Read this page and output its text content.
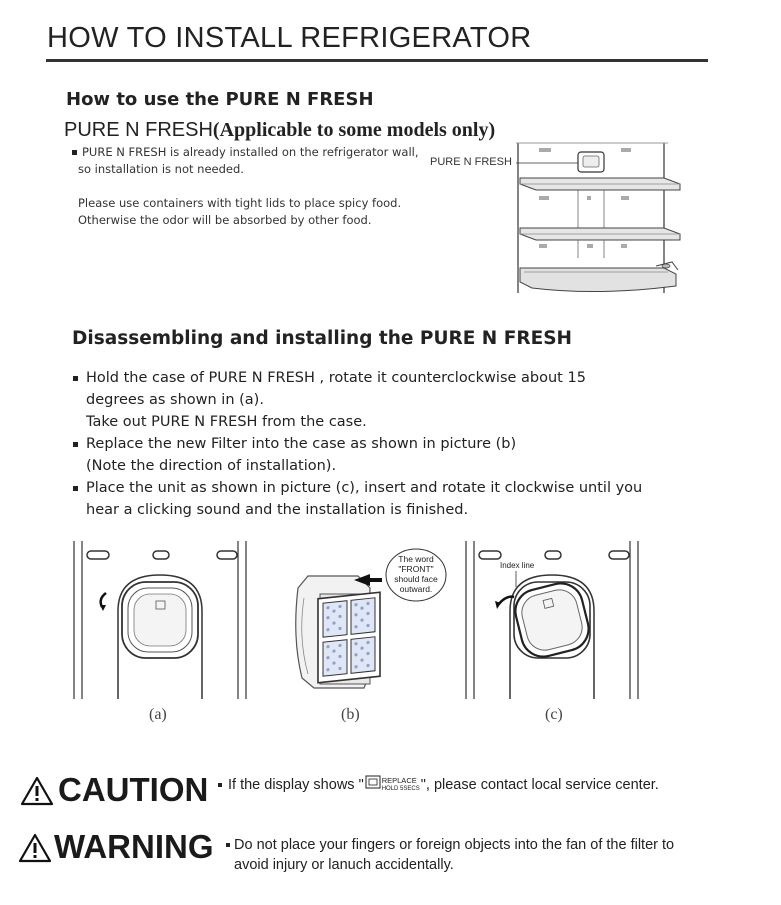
HOW TO INSTALL REFRIGERATOR
How to use the PURE N FRESH
PURE N FRESH(Applicable to some models only)
PURE N FRESH is already installed on the refrigerator wall,
so installation is not needed.
Please use containers with tight lids to place spicy food.
Otherwise the odor will be absorbed by other food.
PURE N FRESH
Disassembling and installing the PURE N FRESH
Hold the case of PURE N FRESH , rotate it counterclockwise about 15
degrees as shown in (a).
Take out PURE N FRESH from the case.
Replace the new Filter into the case as shown in picture (b)
(Note the direction of installation).
Place the unit as shown in picture (c), insert and rotate it clockwise until you
hear a clicking sound and the installation is finished.
(a)
The word
"FRONT"
should face
outward.
(b)
Index line
(c)
CAUTION	If the display shows " REPLACE
HOLD 5SECS ", please contact local service center.
WARNING	Do not place your fingers or foreign objects into the fan of the filter to
avoid injury or lanuch accidentally.
